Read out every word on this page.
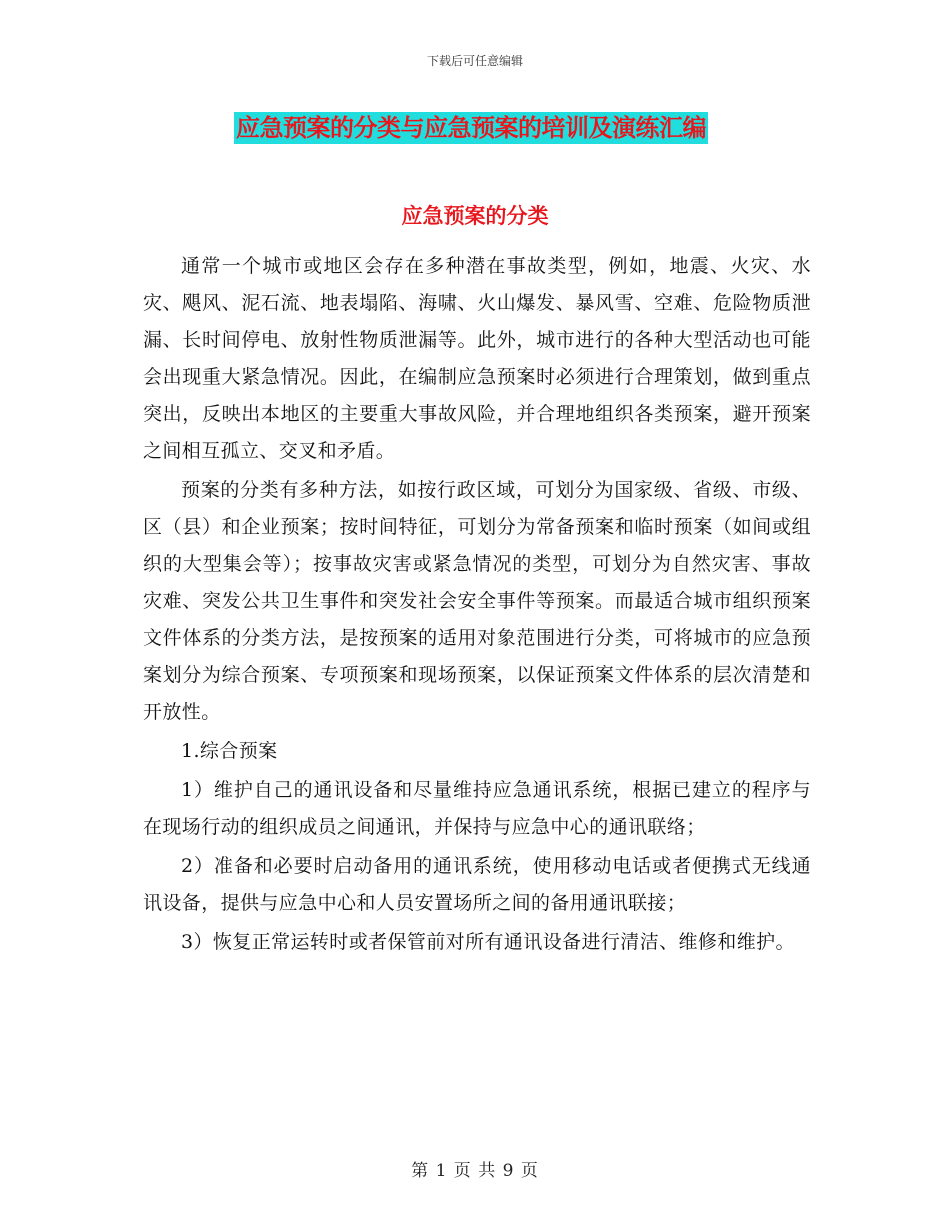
下载后可任意编辑
应急预案的分类与应急预案的培训及演练汇编
应急预案的分类

通常一个城市或地区会存在多种潜在事故类型，例如，地震、火灾、水灾、飓风、泥石流、地表塌陷、海啸、火山爆发、暴风雪、空难、危险物质泄漏、长时间停电、放射性物质泄漏等。此外，城市进行的各种大型活动也可能会出现重大紧急情况。因此，在编制应急预案时必须进行合理策划，做到重点突出，反映出本地区的主要重大事故风险，并合理地组织各类预案，避开预案之间相互孤立、交叉和矛盾。

预案的分类有多种方法，如按行政区域，可划分为国家级、省级、市级、区（县）和企业预案；按时间特征，可划分为常备预案和临时预案（如间或组织的大型集会等）；按事故灾害或紧急情况的类型，可划分为自然灾害、事故灾难、突发公共卫生事件和突发社会安全事件等预案。而最适合城市组织预案文件体系的分类方法，是按预案的适用对象范围进行分类，可将城市的应急预案划分为综合预案、专项预案和现场预案，以保证预案文件体系的层次清楚和开放性。

1.综合预案

1）维护自己的通讯设备和尽量维持应急通讯系统，根据已建立的程序与在现场行动的组织成员之间通讯，并保持与应急中心的通讯联络；

2）准备和必要时启动备用的通讯系统，使用移动电话或者便携式无线通讯设备，提供与应急中心和人员安置场所之间的备用通讯联接；

3）恢复正常运转时或者保管前对所有通讯设备进行清洁、维修和维护。

第 1 页 共 9 页
